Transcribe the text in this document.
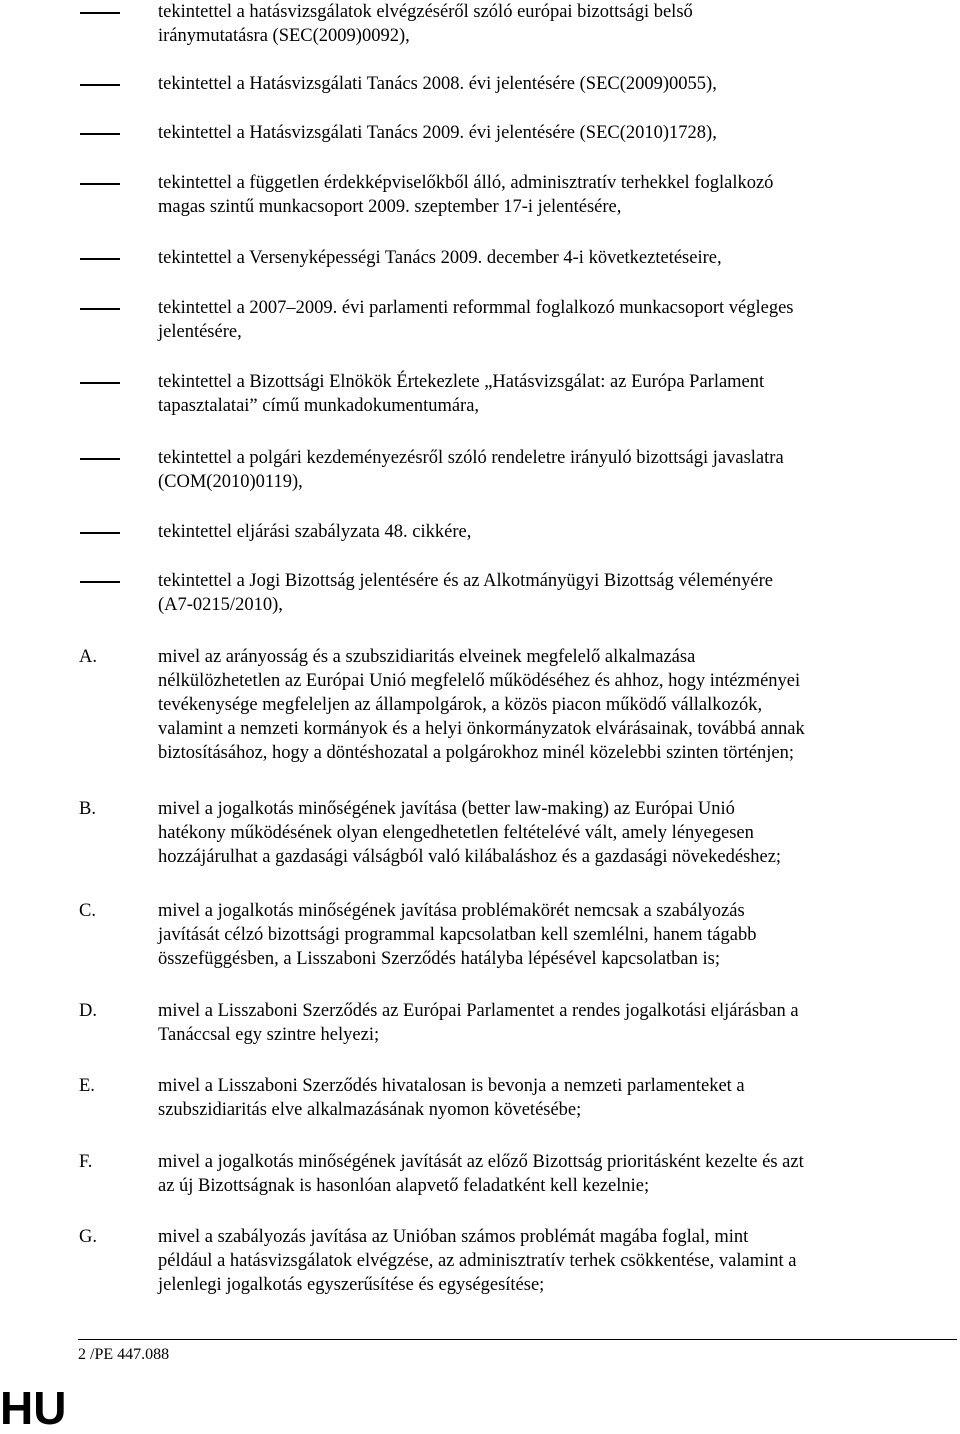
tekintettel a hatásvizsgálatok elvégzéséről szóló európai bizottsági belső
iránymutatásra (SEC(2009)0092),
tekintettel a Hatásvizsgálati Tanács 2008. évi jelentésére (SEC(2009)0055),
tekintettel a Hatásvizsgálati Tanács 2009. évi jelentésére (SEC(2010)1728),
tekintettel a független érdekképviselőkből álló, adminisztratív terhekkel foglalkozó
magas szintű munkacsoport 2009. szeptember 17-i jelentésére,
tekintettel a Versenyképességi Tanács 2009. december 4-i következtetéseire,
tekintettel a 2007–2009. évi parlamenti reformmal foglalkozó munkacsoport végleges
jelentésére,
tekintettel a Bizottsági Elnökök Értekezlete „Hatásvizsgálat: az Európa Parlament
tapasztalatai” című munkadokumentumára,
tekintettel a polgári kezdeményezésről szóló rendeletre irányuló bizottsági javaslatra
(COM(2010)0119),
tekintettel eljárási szabályzata 48. cikkére,
tekintettel a Jogi Bizottság jelentésére és az Alkotmányügyi Bizottság véleményére
(A7-0215/2010),
A.	mivel az arányosság és a szubszidiaritás elveinek megfelelő alkalmazása
nélkülözhetetlen az Európai Unió megfelelő működéséhez és ahhoz, hogy intézményei
tevékenysége megfeleljen az állampolgárok, a közös piacon működő vállalkozók,
valamint a nemzeti kormányok és a helyi önkormányzatok elvárásainak, továbbá annak
biztosításához, hogy a döntéshozatal a polgárokhoz minél közelebbi szinten történjen;
B.	mivel a jogalkotás minőségének javítása (better law-making) az Európai Unió
hatékony működésének olyan elengedhetetlen feltételévé vált, amely lényegesen
hozzájárulhat a gazdasági válságból való kilábaláshoz és a gazdasági növekedéshez;
C.	mivel a jogalkotás minőségének javítása problémakörét nemcsak a szabályozás
javítását célzó bizottsági programmal kapcsolatban kell szemlélni, hanem tágabb
összefüggésben, a Lisszaboni Szerződés hatályba lépésével kapcsolatban is;
D.	mivel a Lisszaboni Szerződés az Európai Parlamentet a rendes jogalkotási eljárásban a
Tanáccsal egy szintre helyezi;
E.	mivel a Lisszaboni Szerződés hivatalosan is bevonja a nemzeti parlamenteket a
szubszidiaritás elve alkalmazásának nyomon követésébe;
F.	mivel a jogalkotás minőségének javítását az előző Bizottság prioritásként kezelte és azt
az új Bizottságnak is hasonlóan alapvető feladatként kell kezelnie;
G.	mivel a szabályozás javítása az Unióban számos problémát magába foglal, mint
például a hatásvizsgálatok elvégzése, az adminisztratív terhek csökkentése, valamint a
jelenlegi jogalkotás egyszerűsítése és egységesítése;
2 /PE 447.088
HU
